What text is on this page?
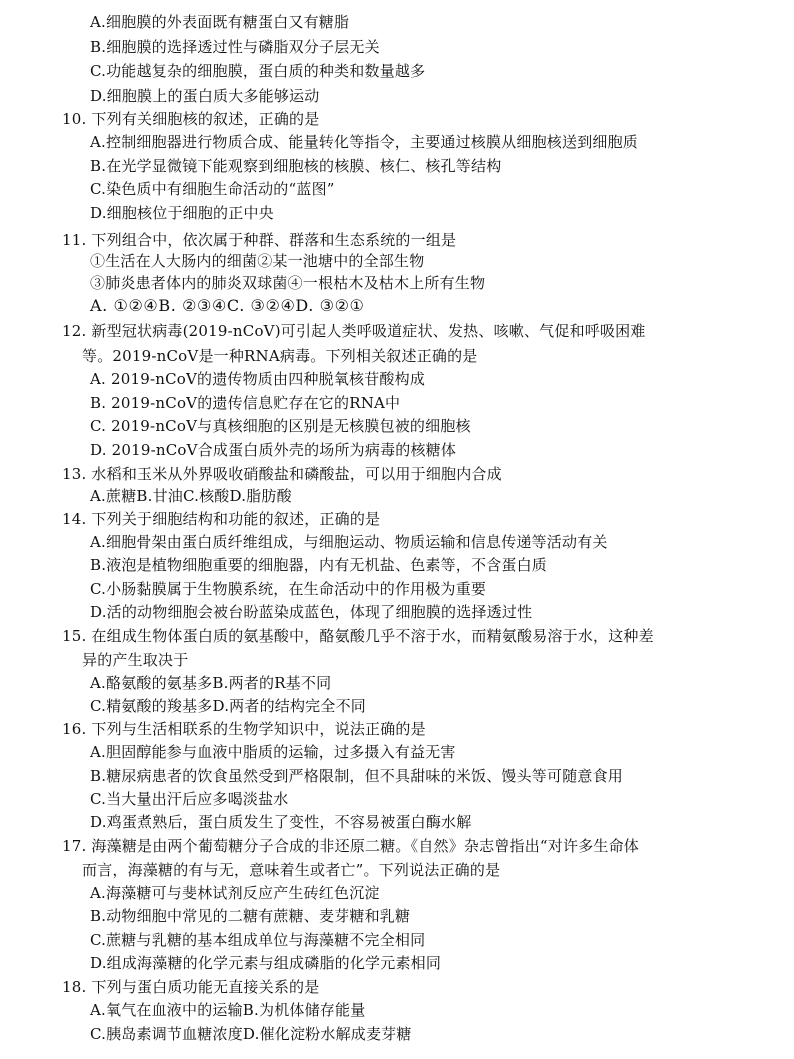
A.细胞膜的外表面既有糖蛋白又有糖脂
B.细胞膜的选择透过性与磷脂双分子层无关
C.功能越复杂的细胞膜，蛋白质的种类和数量越多
D.细胞膜上的蛋白质大多能够运动
10. 下列有关细胞核的叙述，正确的是
A.控制细胞器进行物质合成、能量转化等指令，主要通过核膜从细胞核送到细胞质
B.在光学显微镜下能观察到细胞核的核膜、核仁、核孔等结构
C.染色质中有细胞生命活动的“蓝图”
D.细胞核位于细胞的正中央
11. 下列组合中，依次属于种群、群落和生态系统的一组是
①生活在人大肠内的细菌②某一池塘中的全部生物
③肺炎患者体内的肺炎双球菌④一根枯木及枯木上所有生物
A. ①②④B. ②③④C. ③②④D. ③②①
12. 新型冠状病毒(2019-nCoV)可引起人类呼吸道症状、发热、咳嗽、气促和呼吸困难
等。2019-nCoV是一种RNA病毒。下列相关叙述正确的是
A. 2019-nCoV的遗传物质由四种脱氧核苷酸构成
B. 2019-nCoV的遗传信息贮存在它的RNA中
C. 2019-nCoV与真核细胞的区别是无核膜包被的细胞核
D. 2019-nCoV合成蛋白质外壳的场所为病毒的核糖体
13. 水稻和玉米从外界吸收硝酸盐和磷酸盐，可以用于细胞内合成
A.蔗糖B.甘油C.核酸D.脂肪酸
14. 下列关于细胞结构和功能的叙述，正确的是
A.细胞骨架由蛋白质纤维组成，与细胞运动、物质运输和信息传递等活动有关
B.液泡是植物细胞重要的细胞器，内有无机盐、色素等，不含蛋白质
C.小肠黏膜属于生物膜系统，在生命活动中的作用极为重要
D.活的动物细胞会被台盼蓝染成蓝色，体现了细胞膜的选择透过性
15. 在组成生物体蛋白质的氨基酸中，酪氨酸几乎不溶于水，而精氨酸易溶于水，这种差
异的产生取决于
A.酪氨酸的氨基多B.两者的R基不同
C.精氨酸的羧基多D.两者的结构完全不同
16. 下列与生活相联系的生物学知识中，说法正确的是
A.胆固醇能参与血液中脂质的运输，过多摄入有益无害
B.糖尿病患者的饮食虽然受到严格限制，但不具甜味的米饭、馒头等可随意食用
C.当大量出汗后应多喝淡盐水
D.鸡蛋煮熟后，蛋白质发生了变性，不容易被蛋白酶水解
17. 海藻糖是由两个葡萄糖分子合成的非还原二糖。《自然》杂志曾指出“对许多生命体
而言，海藻糖的有与无，意味着生或者亡”。下列说法正确的是
A.海藻糖可与斐林试剂反应产生砖红色沉淀
B.动物细胞中常见的二糖有蔗糖、麦芽糖和乳糖
C.蔗糖与乳糖的基本组成单位与海藻糖不完全相同
D.组成海藻糖的化学元素与组成磷脂的化学元素相同
18. 下列与蛋白质功能无直接关系的是
A.氧气在血液中的运输B.为机体储存能量
C.胰岛素调节血糖浓度D.催化淀粉水解成麦芽糖
